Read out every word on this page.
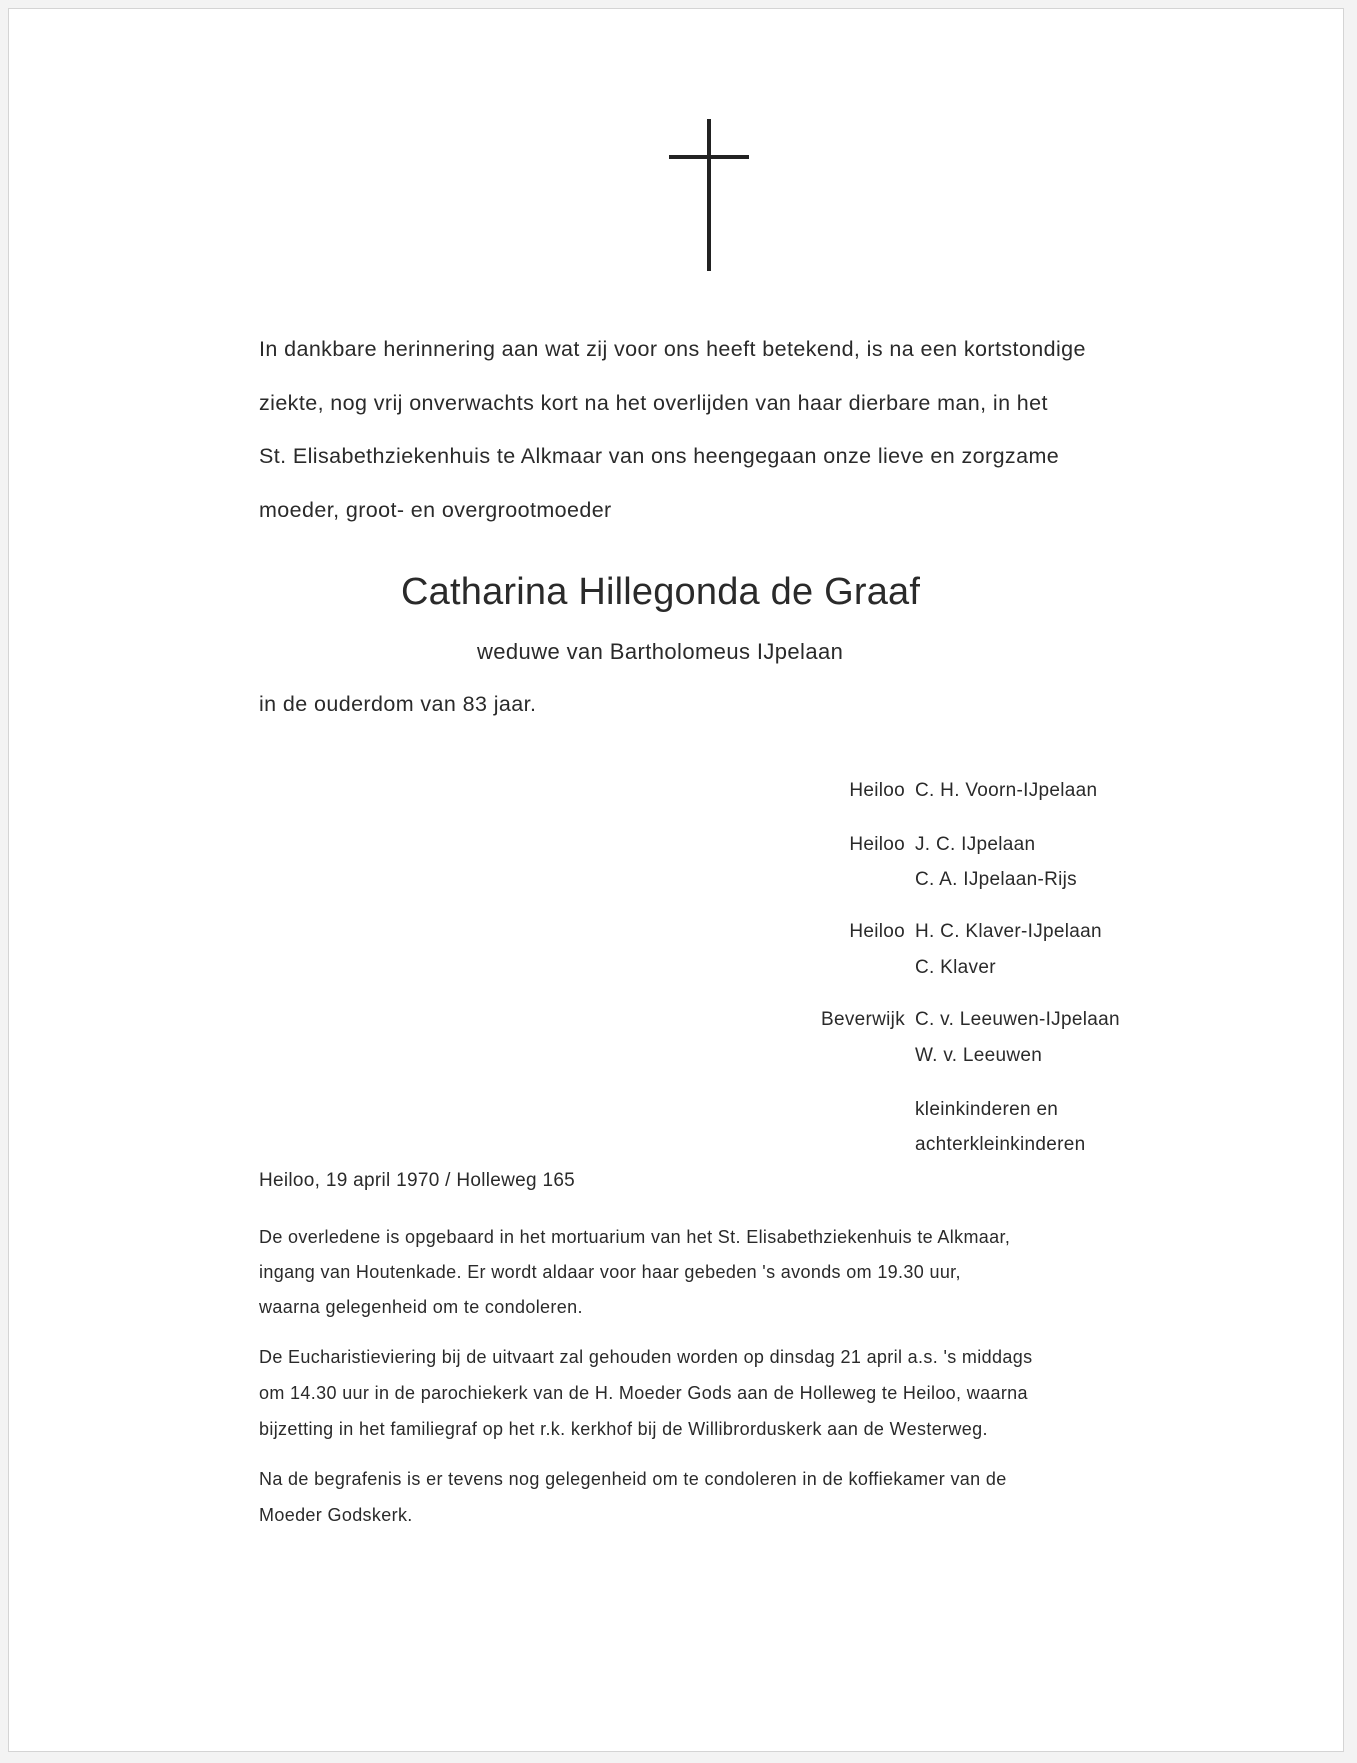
In dankbare herinnering aan wat zij voor ons heeft betekend, is na een kortstondige
ziekte, nog vrij onverwachts kort na het overlijden van haar dierbare man, in het
St. Elisabethziekenhuis te Alkmaar van ons heengegaan onze lieve en zorgzame
moeder, groot- en overgrootmoeder
Catharina Hillegonda de Graaf
weduwe van Bartholomeus IJpelaan
in de ouderdom van 83 jaar.
Heiloo C. H. Voorn-IJpelaan
Heiloo J. C. IJpelaan
C. A. IJpelaan-Rijs
Heiloo H. C. Klaver-IJpelaan
C. Klaver
Beverwijk C. v. Leeuwen-IJpelaan
W. v. Leeuwen
kleinkinderen en
achterkleinkinderen
Heiloo, 19 april 1970 / Holleweg 165
De overledene is opgebaard in het mortuarium van het St. Elisabethziekenhuis te Alkmaar,
ingang van Houtenkade. Er wordt aldaar voor haar gebeden 's avonds om 19.30 uur,
waarna gelegenheid om te condoleren.
De Eucharistieviering bij de uitvaart zal gehouden worden op dinsdag 21 april a.s. 's middags
om 14.30 uur in de parochiekerk van de H. Moeder Gods aan de Holleweg te Heiloo, waarna
bijzetting in het familiegraf op het r.k. kerkhof bij de Willibrorduskerk aan de Westerweg.
Na de begrafenis is er tevens nog gelegenheid om te condoleren in de koffiekamer van de
Moeder Godskerk.
